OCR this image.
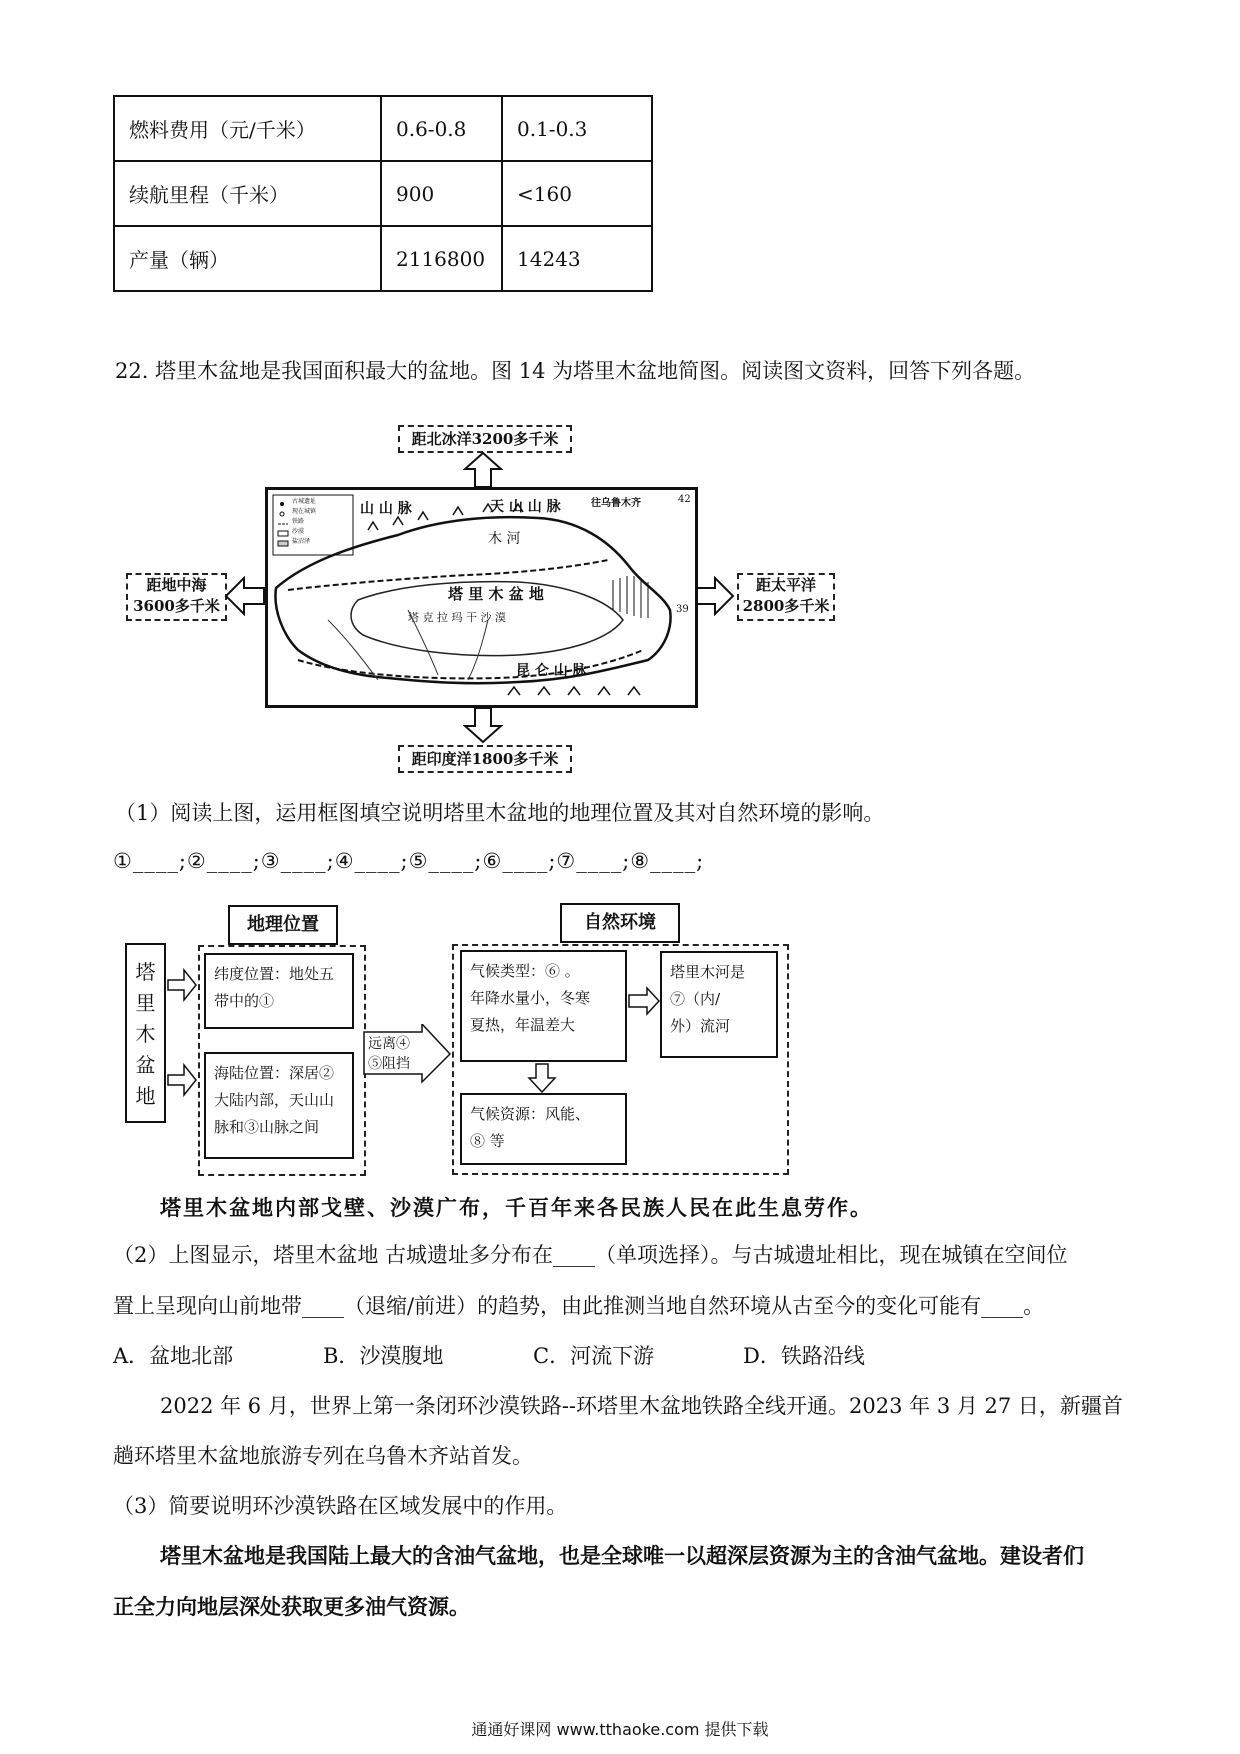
燃料费用（元/千米）	0.6-0.8	0.1-0.3
续航里程（千米）	900	<160
产量（辆）	2116800	14243
22. 塔里木盆地是我国面积最大的盆地。图 14 为塔里木盆地简图。阅读图文资料，回答下列各题。
距北冰洋3200多千米
距地中海
3600多千米
距太平洋
2800多千米
距印度洋1800多千米
古城遗址
现在城镇
铁路
沙漠
盐沼泽
山 山 脉	天 山 山 脉	往乌鲁木齐	42
木 河
塔 里 木 盆 地
塔 克 拉 玛 干 沙 漠
39
昆 仑 山 脉
（1）阅读上图，运用框图填空说明塔里木盆地的地理位置及其对自然环境的影响。
①____;②____;③____;④____;⑤____;⑥____;⑦____;⑧____;
塔里木盆地
地理位置
纬度位置：地处五
带中的①
海陆位置：深居②
大陆内部，天山山
脉和③山脉之间
远离④
⑤阻挡
自然环境
气候类型：⑥ 。
年降水量小，冬寒
夏热，年温差大
塔里木河是
⑦（内/
外）流河
气候资源：风能、
⑧ 等
塔里木盆地内部戈壁、沙漠广布，千百年来各民族人民在此生息劳作。
（2）上图显示，塔里木盆地 古城遗址多分布在____（单项选择）。与古城遗址相比，现在城镇在空间位
置上呈现向山前地带____（退缩/前进）的趋势，由此推测当地自然环境从古至今的变化可能有____。
A．盆地北部	B．沙漠腹地	C．河流下游	D．铁路沿线
2022 年 6 月，世界上第一条闭环沙漠铁路--环塔里木盆地铁路全线开通。2023 年 3 月 27 日，新疆首
趟环塔里木盆地旅游专列在乌鲁木齐站首发。
（3）简要说明环沙漠铁路在区域发展中的作用。
塔里木盆地是我国陆上最大的含油气盆地，也是全球唯一以超深层资源为主的含油气盆地。建设者们
正全力向地层深处获取更多油气资源。
通通好课网 www.tthaoke.com 提供下载
